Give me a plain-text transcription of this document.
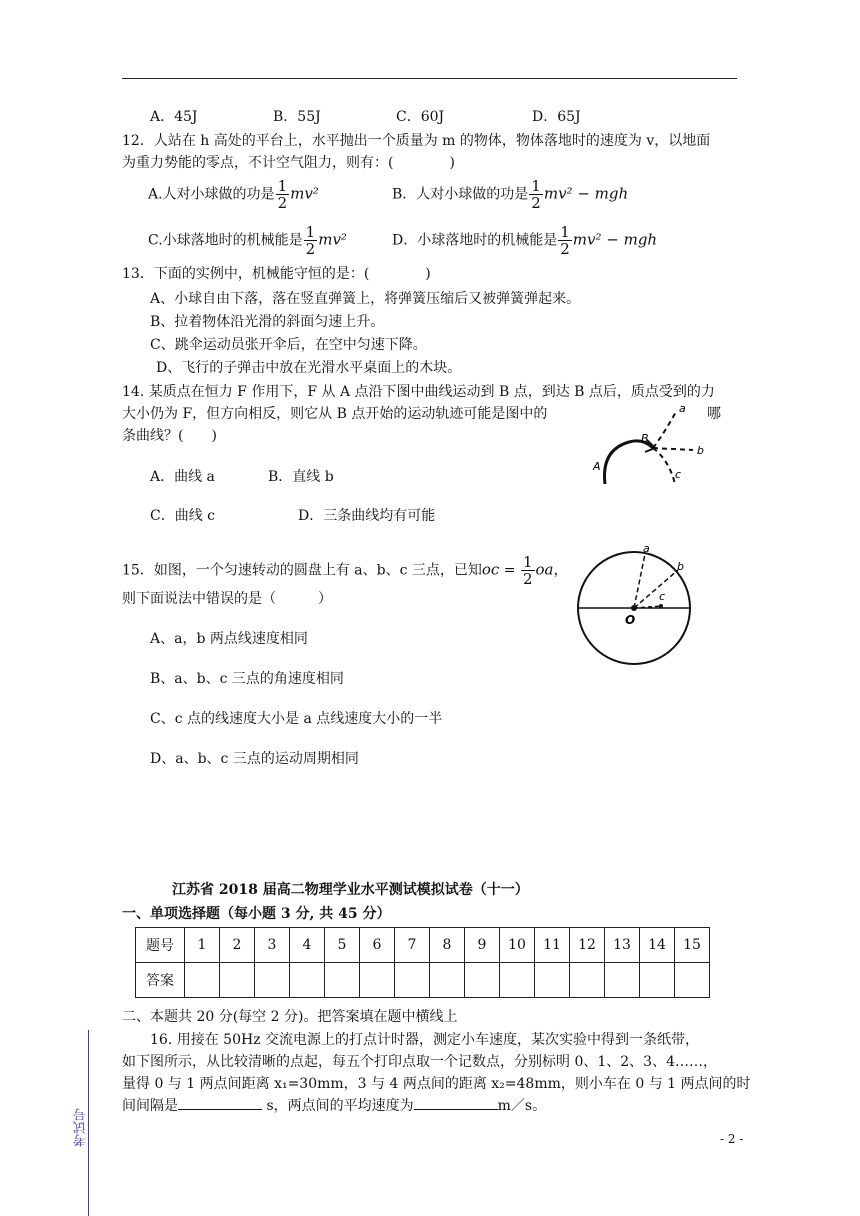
A．45J	B．55J	C．60J	D．65J
12．人站在 h 高处的平台上，水平抛出一个质量为 m 的物体，物体落地时的速度为 v，以地面
为重力势能的零点，不计空气阻力，则有：(　　　　)
A.人对小球做的功是 $\frac{1}{2} mv^2$	B．人对小球做的功是 $\frac{1}{2} mv^2$ − mgh
C.小球落地时的机械能是 $\frac{1}{2} mv^2$	D．小球落地时的机械能是 $\frac{1}{2} mv^2$ − mgh
13．下面的实例中，机械能守恒的是：(　　　　)
A、小球自由下落，落在竖直弹簧上，将弹簧压缩后又被弹簧弹起来。
B、拉着物体沿光滑的斜面匀速上升。
C、跳伞运动员张开伞后，在空中匀速下降。
D、飞行的子弹击中放在光滑水平桌面上的木块。
14. 某质点在恒力 F 作用下，F 从 A 点沿下图中曲线运动到 B 点，到达 B 点后，质点受到的力
大小仍为 F，但方向相反，则它从 B 点开始的运动轨迹可能是图中的	哪
条曲线？(　　)
A．曲线 a	B．直线 b
C．曲线 c	D．三条曲线均有可能
a
b
c
A
B
15．如图，一个匀速转动的圆盘上有 a、b、c 三点，已知oc = $\frac{1}{2}$ oa，
则下面说法中错误的是（　　　）
A、a，b 两点线速度相同
B、a、b、c 三点的角速度相同
C、c 点的线速度大小是 a 点线速度大小的一半
D、a、b、c 三点的运动周期相同
a
b
c
O
江苏省 2018 届高二物理学业水平测试模拟试卷（十一）
一、单项选择题（每小题 3 分, 共 45 分）
题号	1	2	3	4	5	6	7	8	9	10	11	12	13	14	15
答案															
二、本题共 20 分(每空 2 分)。把答案填在题中横线上
16. 用接在 50Hz 交流电源上的打点计时器，测定小车速度，某次实验中得到一条纸带，
如下图所示，从比较清晰的点起，每五个打印点取一个记数点，分别标明 0、1、2、3、4……，
量得 0 与 1 两点间距离 x₁=30mm，3 与 4 两点间的距离 x₂=48mm，则小车在 0 与 1 两点间的时
间间隔是	s，两点间的平均速度为	m／s。
考试号	- 2 -
